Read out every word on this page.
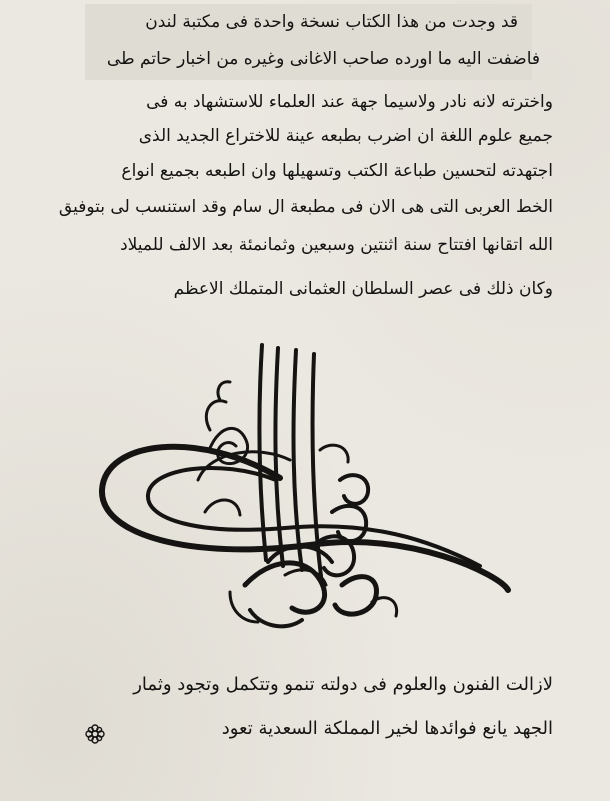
قد وجدت من هذا الكتاب نسخة واحدة فى مكتبة لندن
فاضفت اليه ما اورده صاحب الاغانى وغيره من اخبار حاتم طى
واخترته لانه نادر ولاسيما جهة عند العلماء للاستشهاد به فى
جميع علوم اللغة ان اضرب بطبعه عينة للاختراع الجديد الذى
اجتهدته لتحسين طباعة الكتب وتسهيلها وان اطبعه بجميع انواع
الخط العربى التى هى الان فى مطبعة ال سام وقد استنسب لى بتوفيق
الله اتقانها افتتاح سنة اثنتين وسبعين وثمانمئة بعد الالف للميلاد
وكان ذلك فى عصر السلطان العثمانى المتملك الاعظم
لازالت الفنون والعلوم فى دولته تنمو وتتكمل وتجود وثمار
الجهد يانع فوائدها لخير المملكة السعدية تعود
